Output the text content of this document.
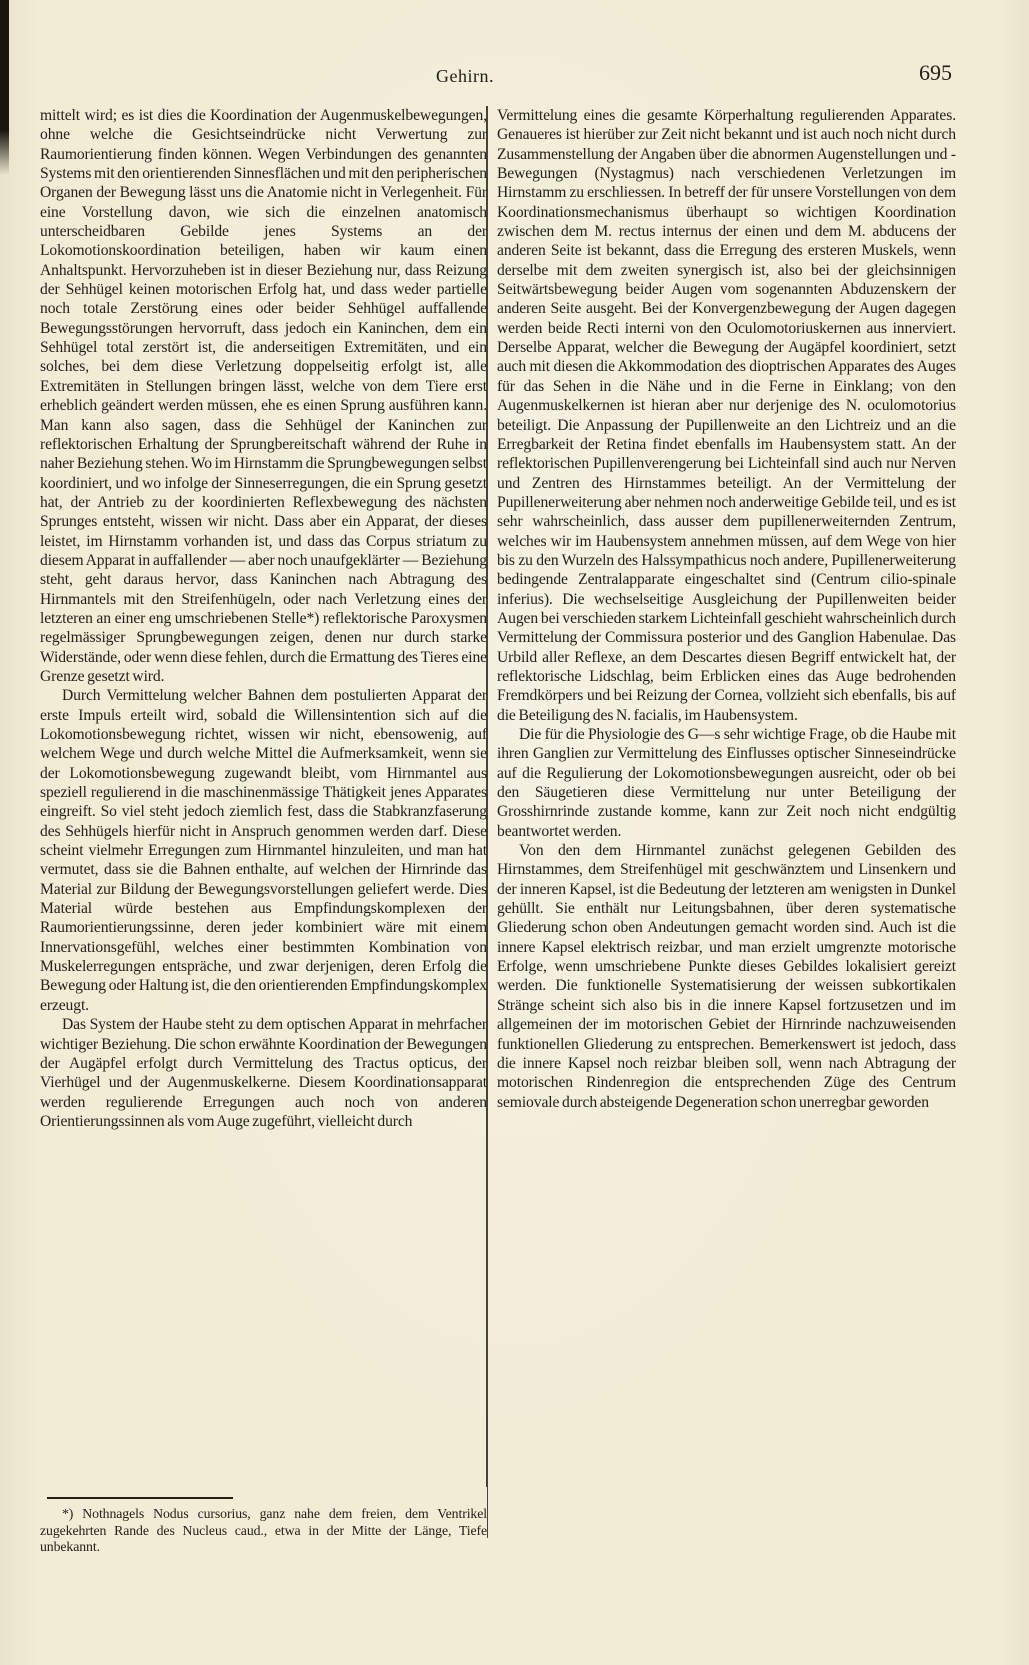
Gehirn.	695

mittelt wird; es ist dies die Koordination der Augenmuskelbewegungen, ohne welche die Gesichtseindrücke nicht Verwertung zur Raumorientierung finden können. Wegen Verbindungen des genannten Systems mit den orientierenden Sinnesflächen und mit den peripherischen Organen der Bewegung lässt uns die Anatomie nicht in Verlegenheit. Für eine Vorstellung davon, wie sich die einzelnen anatomisch unterscheidbaren Gebilde jenes Systems an der Lokomotionskoordination beteiligen, haben wir kaum einen Anhaltspunkt. Hervorzuheben ist in dieser Beziehung nur, dass Reizung der Sehhügel keinen motorischen Erfolg hat, und dass weder partielle noch totale Zerstörung eines oder beider Sehhügel auffallende Bewegungsstörungen hervorruft, dass jedoch ein Kaninchen, dem ein Sehhügel total zerstört ist, die anderseitigen Extremitäten, und ein solches, bei dem diese Verletzung doppelseitig erfolgt ist, alle Extremitäten in Stellungen bringen lässt, welche von dem Tiere erst erheblich geändert werden müssen, ehe es einen Sprung ausführen kann. Man kann also sagen, dass die Sehhügel der Kaninchen zur reflektorischen Erhaltung der Sprungbereitschaft während der Ruhe in naher Beziehung stehen. Wo im Hirnstamm die Sprungbewegungen selbst koordiniert, und wo infolge der Sinneserregungen, die ein Sprung gesetzt hat, der Antrieb zu der koordinierten Reflexbewegung des nächsten Sprunges entsteht, wissen wir nicht. Dass aber ein Apparat, der dieses leistet, im Hirnstamm vorhanden ist, und dass das Corpus striatum zu diesem Apparat in auffallender — aber noch unaufgeklärter — Beziehung steht, geht daraus hervor, dass Kaninchen nach Abtragung des Hirnmantels mit den Streifenhügeln, oder nach Verletzung eines der letzteren an einer eng umschriebenen Stelle*) reflektorische Paroxysmen regelmässiger Sprungbewegungen zeigen, denen nur durch starke Widerstände, oder wenn diese fehlen, durch die Ermattung des Tieres eine Grenze gesetzt wird.

Durch Vermittelung welcher Bahnen dem postulierten Apparat der erste Impuls erteilt wird, sobald die Willensintention sich auf die Lokomotionsbewegung richtet, wissen wir nicht, ebensowenig, auf welchem Wege und durch welche Mittel die Aufmerksamkeit, wenn sie der Lokomotionsbewegung zugewandt bleibt, vom Hirnmantel aus speziell regulierend in die maschinenmässige Thätigkeit jenes Apparates eingreift. So viel steht jedoch ziemlich fest, dass die Stabkranzfaserung des Sehhügels hierfür nicht in Anspruch genommen werden darf. Diese scheint vielmehr Erregungen zum Hirnmantel hinzuleiten, und man hat vermutet, dass sie die Bahnen enthalte, auf welchen der Hirnrinde das Material zur Bildung der Bewegungsvorstellungen geliefert werde. Dies Material würde bestehen aus Empfindungskomplexen der Raumorientierungssinne, deren jeder kombiniert wäre mit einem Innervationsgefühl, welches einer bestimmten Kombination von Muskelerregungen entspräche, und zwar derjenigen, deren Erfolg die Bewegung oder Haltung ist, die den orientierenden Empfindungskomplex erzeugt.

Das System der Haube steht zu dem optischen Apparat in mehrfacher wichtiger Beziehung. Die schon erwähnte Koordination der Bewegungen der Augäpfel erfolgt durch Vermittelung des Tractus opticus, der Vierhügel und der Augenmuskelkerne. Diesem Koordinationsapparat werden regulierende Erregungen auch noch von anderen Orientierungssinnen als vom Auge zugeführt, vielleicht durch

*) Nothnagels Nodus cursorius, ganz nahe dem freien, dem Ventrikel zugekehrten Rande des Nucleus caud., etwa in der Mitte der Länge, Tiefe unbekannt.

Vermittelung eines die gesamte Körperhaltung regulierenden Apparates. Genaueres ist hierüber zur Zeit nicht bekannt und ist auch noch nicht durch Zusammenstellung der Angaben über die abnormen Augenstellungen und -Bewegungen (Nystagmus) nach verschiedenen Verletzungen im Hirnstamm zu erschliessen. In betreff der für unsere Vorstellungen von dem Koordinationsmechanismus überhaupt so wichtigen Koordination zwischen dem M. rectus internus der einen und dem M. abducens der anderen Seite ist bekannt, dass die Erregung des ersteren Muskels, wenn derselbe mit dem zweiten synergisch ist, also bei der gleichsinnigen Seitwärtsbewegung beider Augen vom sogenannten Abduzenskern der anderen Seite ausgeht. Bei der Konvergenzbewegung der Augen dagegen werden beide Recti interni von den Oculomotoriuskernen aus innerviert. Derselbe Apparat, welcher die Bewegung der Augäpfel koordiniert, setzt auch mit diesen die Akkommodation des dioptrischen Apparates des Auges für das Sehen in die Nähe und in die Ferne in Einklang; von den Augenmuskelkernen ist hieran aber nur derjenige des N. oculomotorius beteiligt. Die Anpassung der Pupillenweite an den Lichtreiz und an die Erregbarkeit der Retina findet ebenfalls im Haubensystem statt. An der reflektorischen Pupillenverengerung bei Lichteinfall sind auch nur Nerven und Zentren des Hirnstammes beteiligt. An der Vermittelung der Pupillenerweiterung aber nehmen noch anderweitige Gebilde teil, und es ist sehr wahrscheinlich, dass ausser dem pupillenerweiternden Zentrum, welches wir im Haubensystem annehmen müssen, auf dem Wege von hier bis zu den Wurzeln des Halssympathicus noch andere, Pupillenerweiterung bedingende Zentralapparate eingeschaltet sind (Centrum cilio-spinale inferius). Die wechselseitige Ausgleichung der Pupillenweiten beider Augen bei verschieden starkem Lichteinfall geschieht wahrscheinlich durch Vermittelung der Commissura posterior und des Ganglion Habenulae. Das Urbild aller Reflexe, an dem Descartes diesen Begriff entwickelt hat, der reflektorische Lidschlag, beim Erblicken eines das Auge bedrohenden Fremdkörpers und bei Reizung der Cornea, vollzieht sich ebenfalls, bis auf die Beteiligung des N. facialis, im Haubensystem.

Die für die Physiologie des G—s sehr wichtige Frage, ob die Haube mit ihren Ganglien zur Vermittelung des Einflusses optischer Sinneseindrücke auf die Regulierung der Lokomotionsbewegungen ausreicht, oder ob bei den Säugetieren diese Vermittelung nur unter Beteiligung der Grosshirnrinde zustande komme, kann zur Zeit noch nicht endgültig beantwortet werden.

Von den dem Hirnmantel zunächst gelegenen Gebilden des Hirnstammes, dem Streifenhügel mit geschwänztem und Linsenkern und der inneren Kapsel, ist die Bedeutung der letzteren am wenigsten in Dunkel gehüllt. Sie enthält nur Leitungsbahnen, über deren systematische Gliederung schon oben Andeutungen gemacht worden sind. Auch ist die innere Kapsel elektrisch reizbar, und man erzielt umgrenzte motorische Erfolge, wenn umschriebene Punkte dieses Gebildes lokalisiert gereizt werden. Die funktionelle Systematisierung der weissen subkortikalen Stränge scheint sich also bis in die innere Kapsel fortzusetzen und im allgemeinen der im motorischen Gebiet der Hirnrinde nachzuweisenden funktionellen Gliederung zu entsprechen. Bemerkenswert ist jedoch, dass die innere Kapsel noch reizbar bleiben soll, wenn nach Abtragung der motorischen Rindenregion die entsprechenden Züge des Centrum semiovale durch absteigende Degeneration schon unerregbar geworden
